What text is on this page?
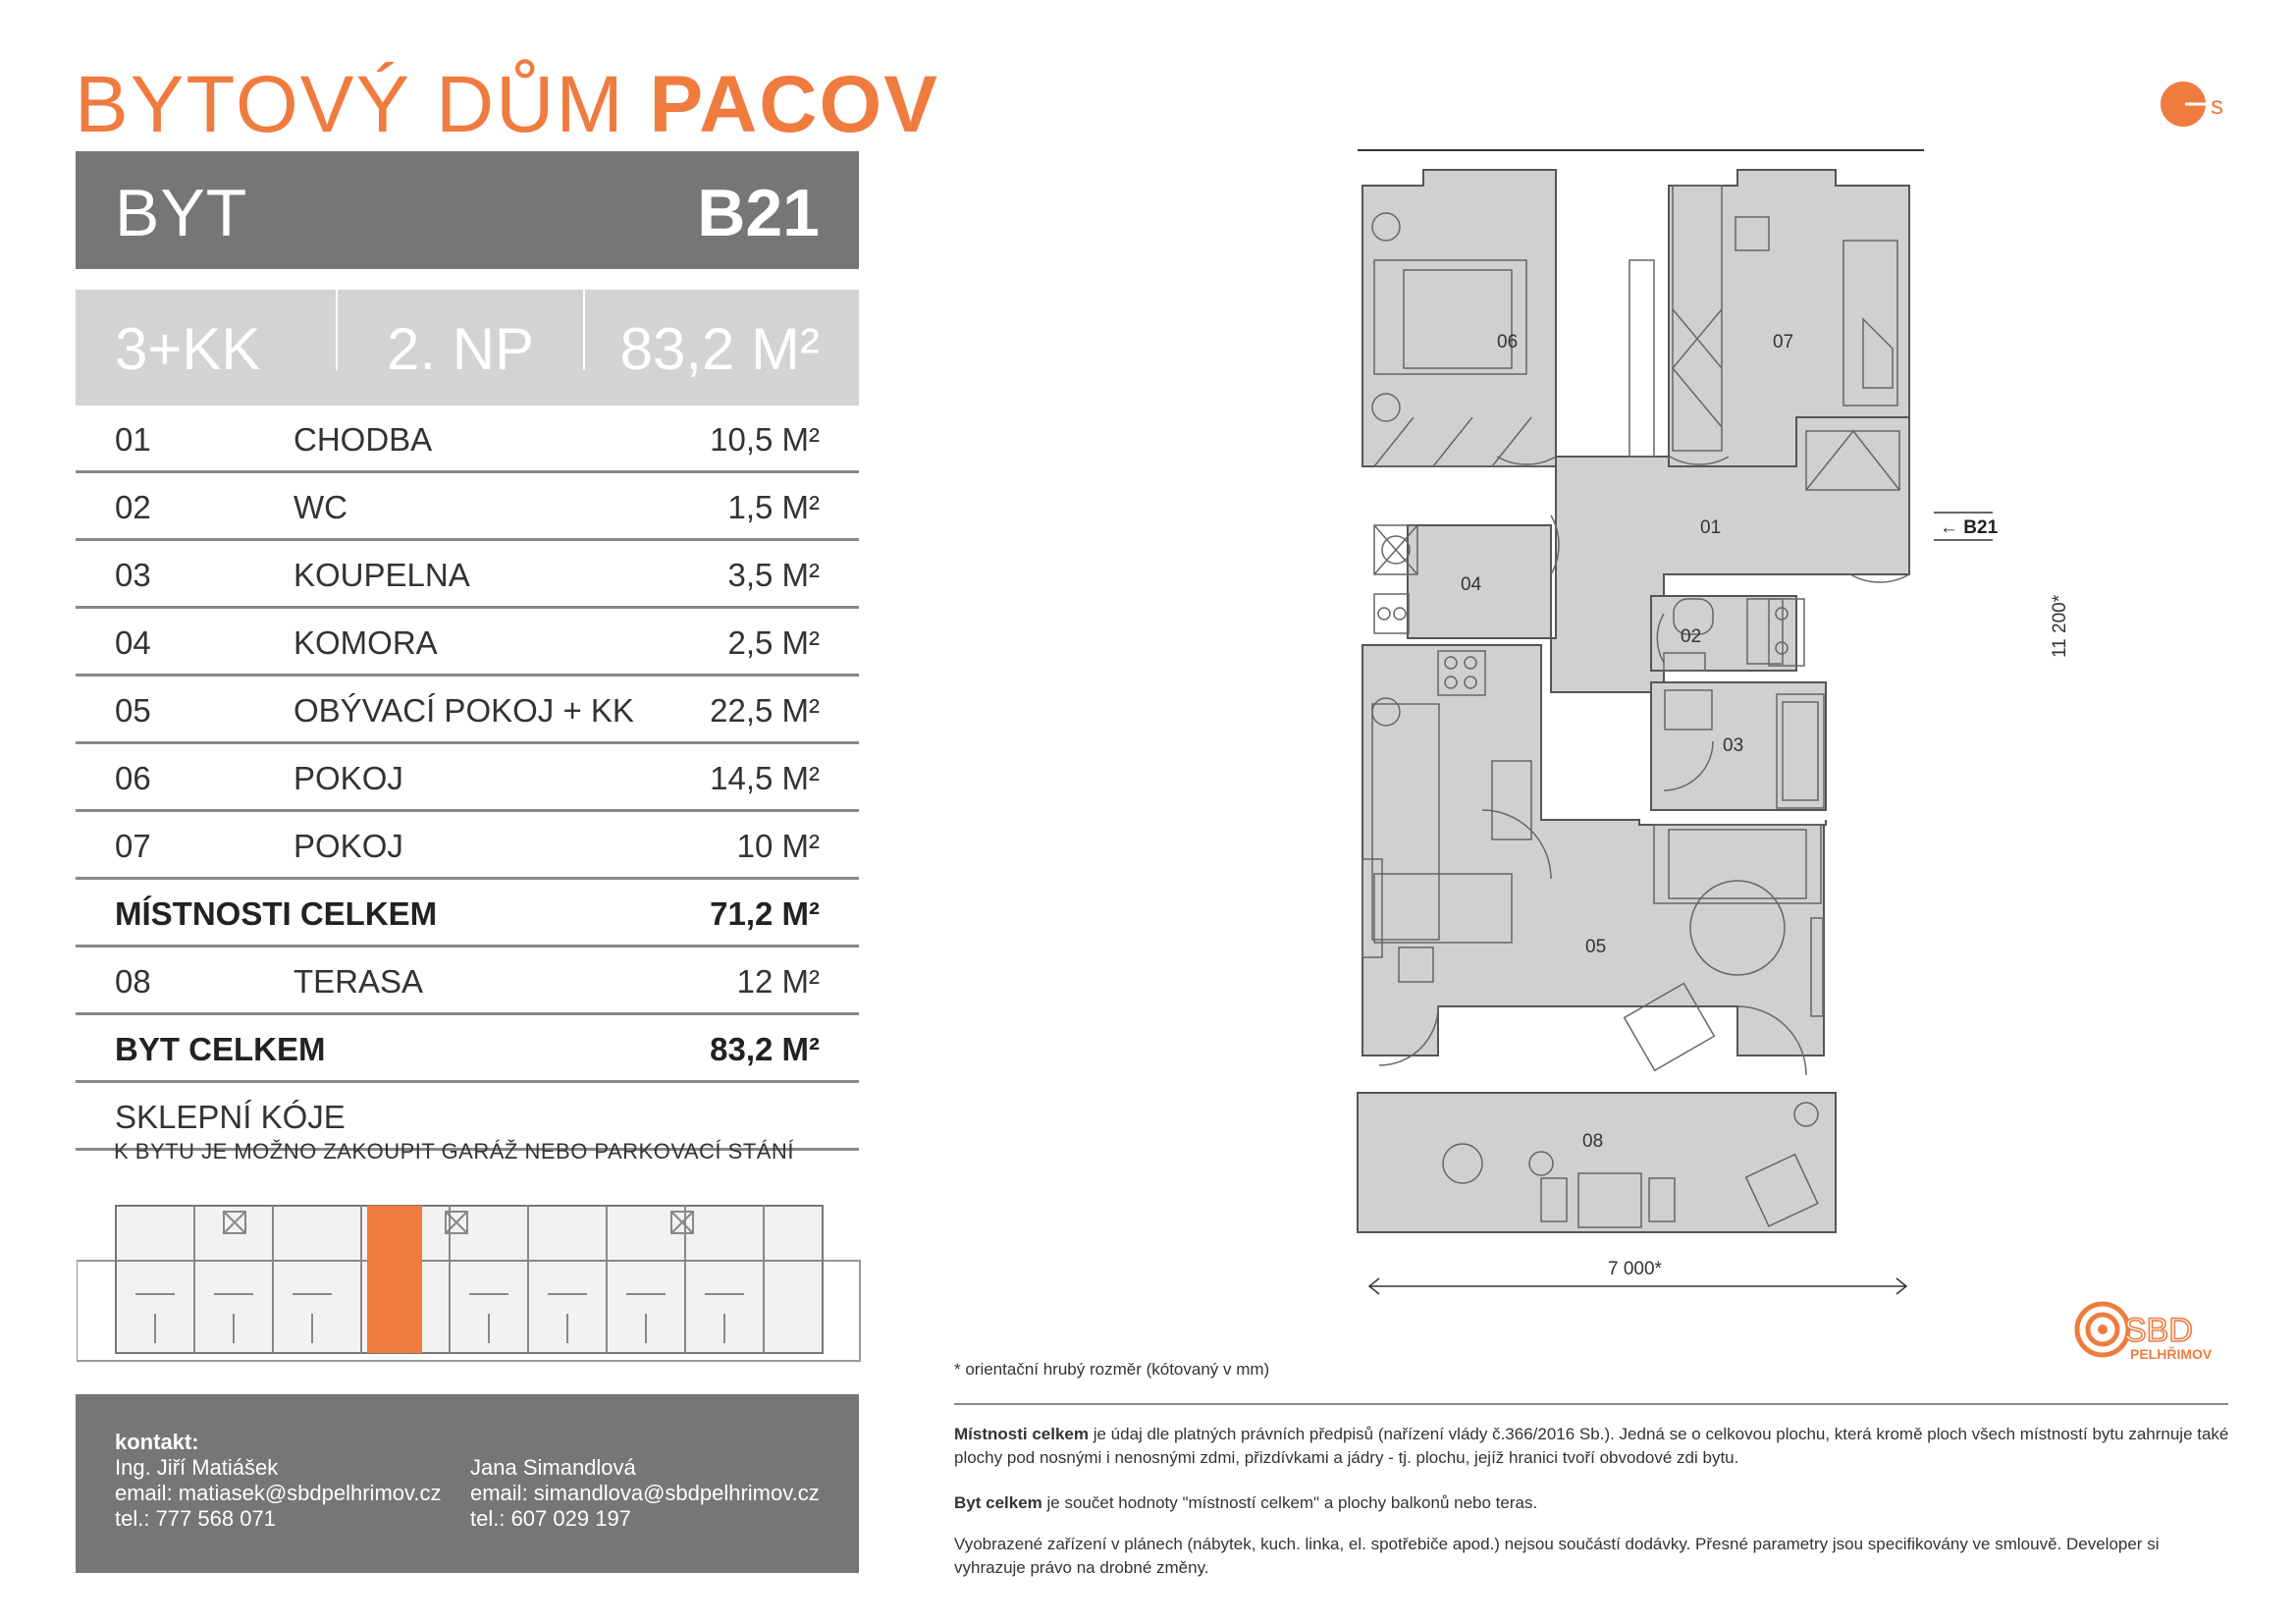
BYTOVÝ DŮM PACOV	s
BYT	B21
3+KK 2. NP 83,2 M²
01	CHODBA	10,5 M²
02	WC	1,5 M²
03	KOUPELNA	3,5 M²
04	KOMORA	2,5 M²
05	OBÝVACÍ POKOJ + KK 22,5 M²
06	POKOJ	14,5 M²
07	POKOJ	10 M²
MÍSTNOSTI CELKEM	71,2 M²
08	TERASA	12 M²
BYT CELKEM	83,2 M²
SKLEPNÍ KÓJE
K BYTU JE MOŽNO ZAKOUPIT GARÁŽ NEBO PARKOVACÍ STÁNÍ
kontakt:
Ing. Jiří Matiášek
email: matiasek@sbdpelhrimov.cz
tel.: 777 568 071
Jana Simandlová
email: simandlova@sbdpelhrimov.cz
tel.: 607 029 197
06	07
01
04
02
03
05
08
← B21
7 000*
11 200*
SBD
PELHŘIMOV
* orientační hrubý rozměr (kótovaný v mm)
Místnosti celkem je údaj dle platných právních předpisů (nařízení vlády č.366/2016 Sb.). Jedná se o celkovou plochu, která kromě ploch všech místností bytu zahrnuje také plochy pod nosnými i nenosnými zdmi, přizdívkami a jádry - tj. plochu, jejíž hranici tvoří obvodové zdi bytu.
Byt celkem je součet hodnoty "místností celkem" a plochy balkonů nebo teras.
Vyobrazené zařízení v plánech (nábytek, kuch. linka, el. spotřebiče apod.) nejsou součástí dodávky. Přesné parametry jsou specifikovány ve smlouvě. Developer si vyhrazuje právo na drobné změny.
